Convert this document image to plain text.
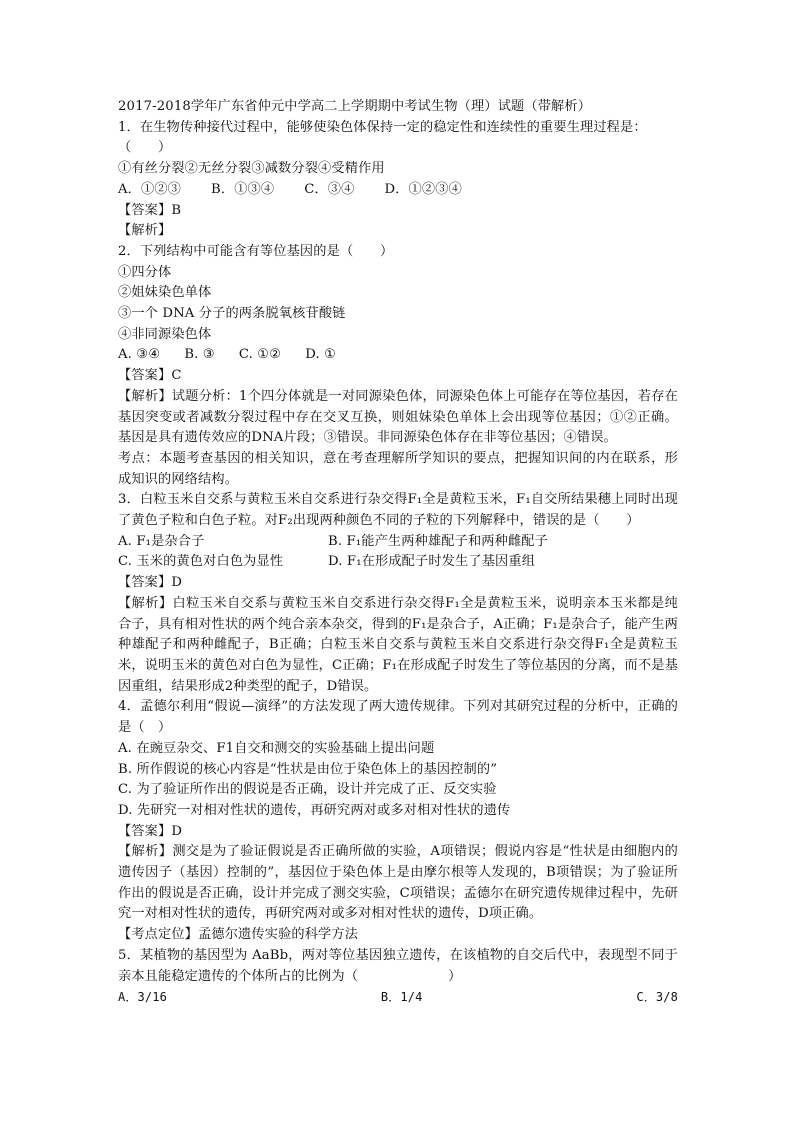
2017-2018学年广东省仲元中学高二上学期期中考试生物（理）试题（带解析）
1．在生物传种接代过程中，能够使染色体保持一定的稳定性和连续性的重要生理过程是：
（　　）
①有丝分裂②无丝分裂③减数分裂④受精作用
A．①②③ B．①③④ C．③④ D．①②③④
【答案】B
【解析】
2．下列结构中可能含有等位基因的是（　　）
①四分体
②姐妹染色单体
③一个 DNA 分子的两条脱氧核苷酸链
④非同源染色体
A. ③④ B. ③ C. ①② D. ①
【答案】C
【解析】试题分析：1个四分体就是一对同源染色体，同源染色体上可能存在等位基因，若存在基因突变或者减数分裂过程中存在交叉互换，则姐妹染色单体上会出现等位基因；①②正确。基因是具有遗传效应的DNA片段；③错误。非同源染色体存在非等位基因；④错误。
考点：本题考查基因的相关知识，意在考查理解所学知识的要点，把握知识间的内在联系，形成知识的网络结构。
3．白粒玉米自交系与黄粒玉米自交系进行杂交得F₁全是黄粒玉米，F₁自交所结果穗上同时出现了黄色子粒和白色子粒。对F₂出现两种颜色不同的子粒的下列解释中，错误的是（　　）
A. F₁是杂合子	B. F₁能产生两种雄配子和两种雌配子
C. 玉米的黄色对白色为显性	D. F₁在形成配子时发生了基因重组
【答案】D
【解析】白粒玉米自交系与黄粒玉米自交系进行杂交得F₁全是黄粒玉米，说明亲本玉米都是纯合子，具有相对性状的两个纯合亲本杂交，得到的F₁是杂合子，A正确；F₁是杂合子，能产生两种雄配子和两种雌配子，B正确；白粒玉米自交系与黄粒玉米自交系进行杂交得F₁全是黄粒玉米，说明玉米的黄色对白色为显性，C正确；F₁在形成配子时发生了等位基因的分离，而不是基因重组，结果形成2种类型的配子，D错误。
4．孟德尔利用“假说—演绎”的方法发现了两大遗传规律。下列对其研究过程的分析中，正确的是（　）
A. 在豌豆杂交、F1自交和测交的实验基础上提出问题
B. 所作假说的核心内容是“性状是由位于染色体上的基因控制的”
C. 为了验证所作出的假说是否正确，设计并完成了正、反交实验
D. 先研究一对相对性状的遗传，再研究两对或多对相对性状的遗传
【答案】D
【解析】测交是为了验证假说是否正确所做的实验，A项错误；假说内容是“性状是由细胞内的遗传因子（基因）控制的”，基因位于染色体上是由摩尔根等人发现的，B项错误；为了验证所作出的假说是否正确，设计并完成了测交实验，C项错误；孟德尔在研究遗传规律过程中，先研究一对相对性状的遗传，再研究两对或多对相对性状的遗传，D项正确。
【考点定位】孟德尔遗传实验的科学方法
5．某植物的基因型为 AaBb，两对等位基因独立遗传，在该植物的自交后代中，表现型不同于亲本且能稳定遗传的个体所占的比例为（	）
A．3/16	B．1/4	C．3/8
